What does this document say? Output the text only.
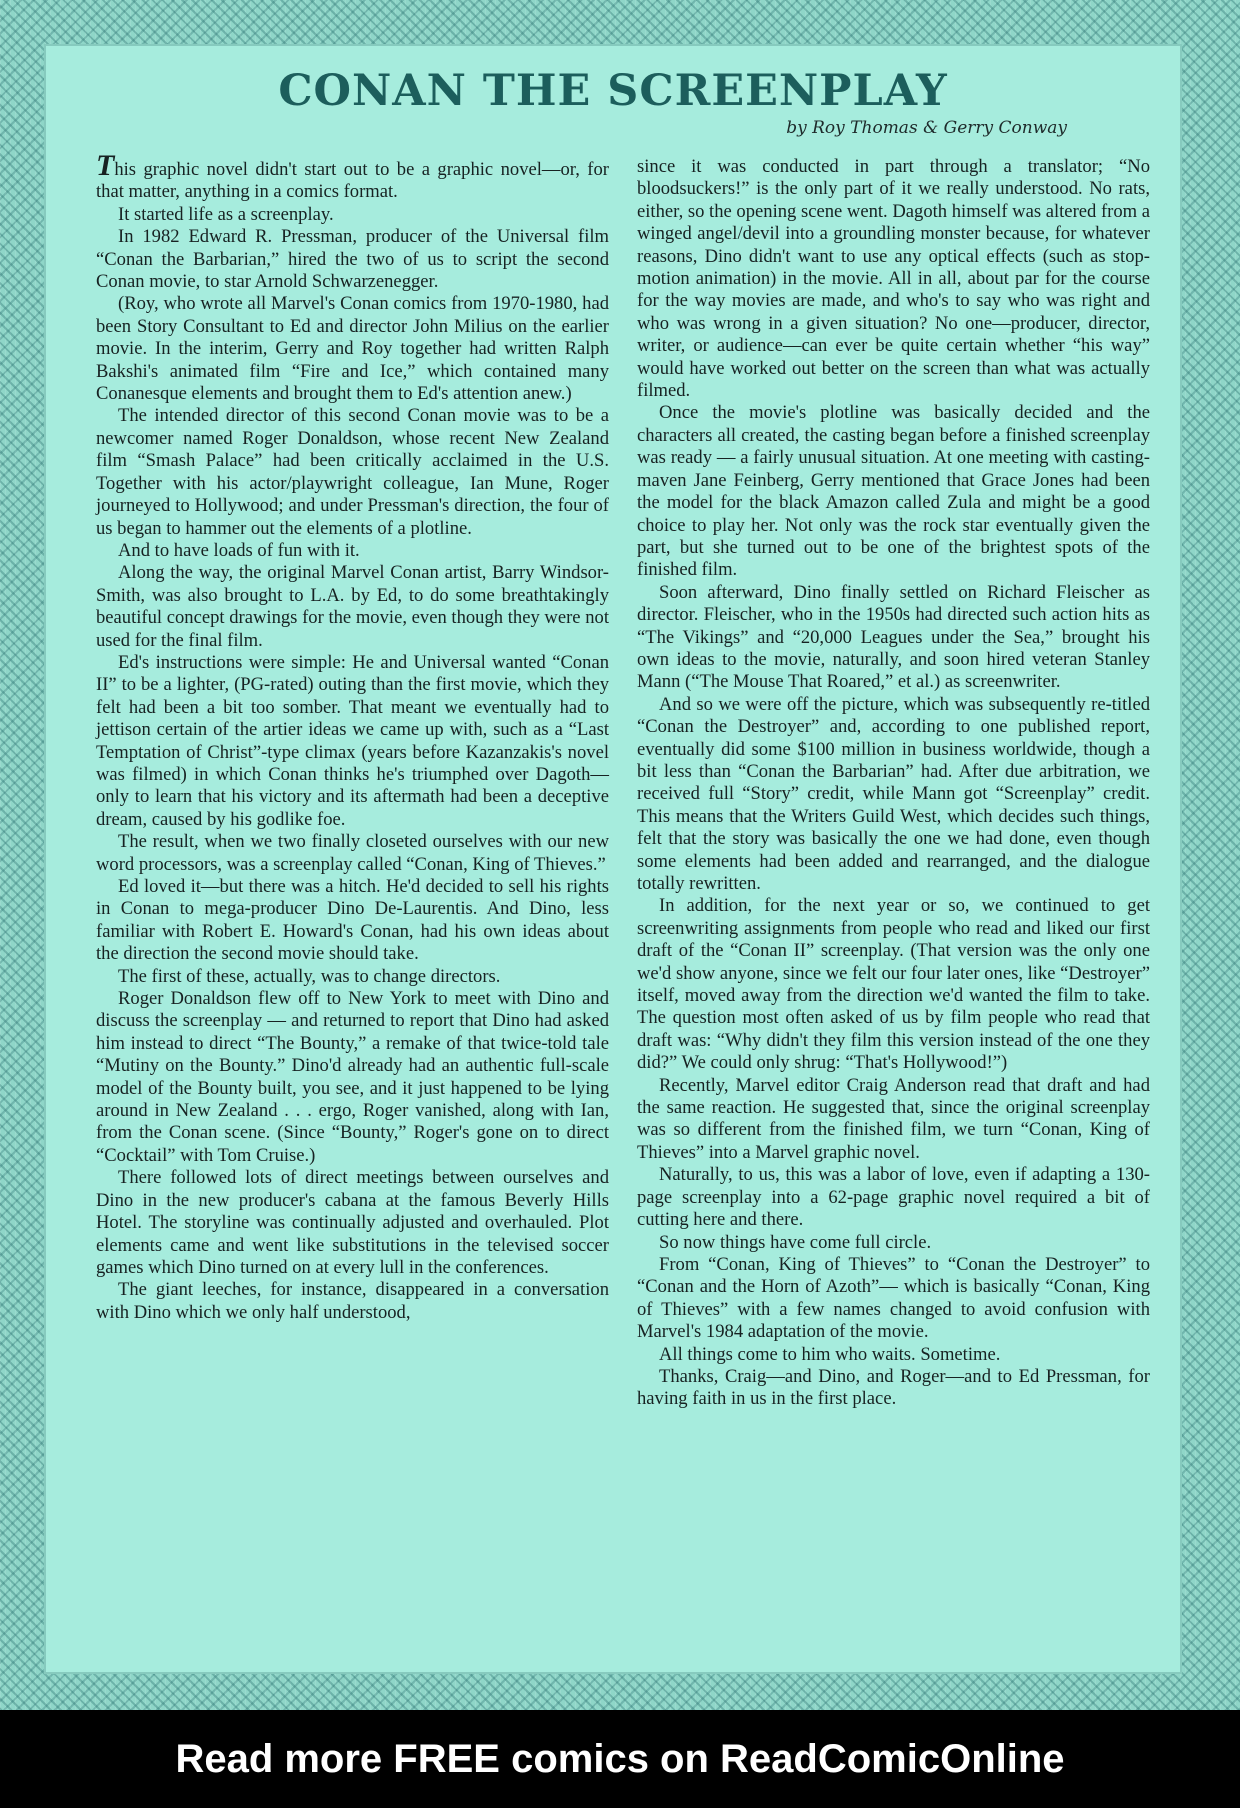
CONAN THE SCREENPLAY
by Roy Thomas & Gerry Conway

This graphic novel didn't start out to be a graphic novel—or, for that matter, anything in a comics format.

It started life as a screenplay.

In 1982 Edward R. Pressman, producer of the Universal film “Conan the Barbarian,” hired the two of us to script the second Conan movie, to star Arnold Schwarzenegger.

(Roy, who wrote all Marvel's Conan comics from 1970-1980, had been Story Consultant to Ed and director John Milius on the earlier movie. In the interim, Gerry and Roy together had written Ralph Bakshi's animated film “Fire and Ice,” which contained many Conanesque elements and brought them to Ed's attention anew.)

The intended director of this second Conan movie was to be a newcomer named Roger Donaldson, whose recent New Zealand film “Smash Palace” had been critically acclaimed in the U.S. Together with his actor/playwright colleague, Ian Mune, Roger journeyed to Hollywood; and under Pressman's direction, the four of us began to hammer out the elements of a plotline.

And to have loads of fun with it.

Along the way, the original Marvel Conan artist, Barry Windsor-Smith, was also brought to L.A. by Ed, to do some breathtakingly beautiful concept drawings for the movie, even though they were not used for the final film.

Ed's instructions were simple: He and Universal wanted “Conan II” to be a lighter, (PG-rated) outing than the first movie, which they felt had been a bit too somber. That meant we eventually had to jettison certain of the artier ideas we came up with, such as a “Last Temptation of Christ”-type climax (years before Kazanzakis's novel was filmed) in which Conan thinks he's triumphed over Dagoth—only to learn that his victory and its aftermath had been a deceptive dream, caused by his godlike foe.

The result, when we two finally closeted ourselves with our new word processors, was a screenplay called “Conan, King of Thieves.”

Ed loved it—but there was a hitch. He'd decided to sell his rights in Conan to mega-producer Dino De-Laurentis. And Dino, less familiar with Robert E. Howard's Conan, had his own ideas about the direction the second movie should take.

The first of these, actually, was to change directors.

Roger Donaldson flew off to New York to meet with Dino and discuss the screenplay — and returned to report that Dino had asked him instead to direct “The Bounty,” a remake of that twice-told tale “Mutiny on the Bounty.” Dino'd already had an authentic full-scale model of the Bounty built, you see, and it just happened to be lying around in New Zealand . . . ergo, Roger vanished, along with Ian, from the Conan scene. (Since “Bounty,” Roger's gone on to direct “Cocktail” with Tom Cruise.)

There followed lots of direct meetings between ourselves and Dino in the new producer's cabana at the famous Beverly Hills Hotel. The storyline was continually adjusted and overhauled. Plot elements came and went like substitutions in the televised soccer games which Dino turned on at every lull in the conferences.

The giant leeches, for instance, disappeared in a conversation with Dino which we only half understood,

since it was conducted in part through a translator; “No bloodsuckers!” is the only part of it we really understood. No rats, either, so the opening scene went. Dagoth himself was altered from a winged angel/devil into a groundling monster because, for whatever reasons, Dino didn't want to use any optical effects (such as stop-motion animation) in the movie. All in all, about par for the course for the way movies are made, and who's to say who was right and who was wrong in a given situation? No one—producer, director, writer, or audience—can ever be quite certain whether “his way” would have worked out better on the screen than what was actually filmed.

Once the movie's plotline was basically decided and the characters all created, the casting began before a finished screenplay was ready — a fairly unusual situation. At one meeting with casting-maven Jane Feinberg, Gerry mentioned that Grace Jones had been the model for the black Amazon called Zula and might be a good choice to play her. Not only was the rock star eventually given the part, but she turned out to be one of the brightest spots of the finished film.

Soon afterward, Dino finally settled on Richard Fleischer as director. Fleischer, who in the 1950s had directed such action hits as “The Vikings” and “20,000 Leagues under the Sea,” brought his own ideas to the movie, naturally, and soon hired veteran Stanley Mann (“The Mouse That Roared,” et al.) as screenwriter.

And so we were off the picture, which was subsequently re-titled “Conan the Destroyer” and, according to one published report, eventually did some $100 million in business worldwide, though a bit less than “Conan the Barbarian” had. After due arbitration, we received full “Story” credit, while Mann got “Screenplay” credit. This means that the Writers Guild West, which decides such things, felt that the story was basically the one we had done, even though some elements had been added and rearranged, and the dialogue totally rewritten.

In addition, for the next year or so, we continued to get screenwriting assignments from people who read and liked our first draft of the “Conan II” screenplay. (That version was the only one we'd show anyone, since we felt our four later ones, like “Destroyer” itself, moved away from the direction we'd wanted the film to take. The question most often asked of us by film people who read that draft was: “Why didn't they film this version instead of the one they did?” We could only shrug: “That's Hollywood!”)

Recently, Marvel editor Craig Anderson read that draft and had the same reaction. He suggested that, since the original screenplay was so different from the finished film, we turn “Conan, King of Thieves” into a Marvel graphic novel.

Naturally, to us, this was a labor of love, even if adapting a 130-page screenplay into a 62-page graphic novel required a bit of cutting here and there.

So now things have come full circle.

From “Conan, King of Thieves” to “Conan the Destroyer” to “Conan and the Horn of Azoth”— which is basically “Conan, King of Thieves” with a few names changed to avoid confusion with Marvel's 1984 adaptation of the movie.

All things come to him who waits. Sometime.

Thanks, Craig—and Dino, and Roger—and to Ed Pressman, for having faith in us in the first place.

Read more FREE comics on ReadComicOnline
